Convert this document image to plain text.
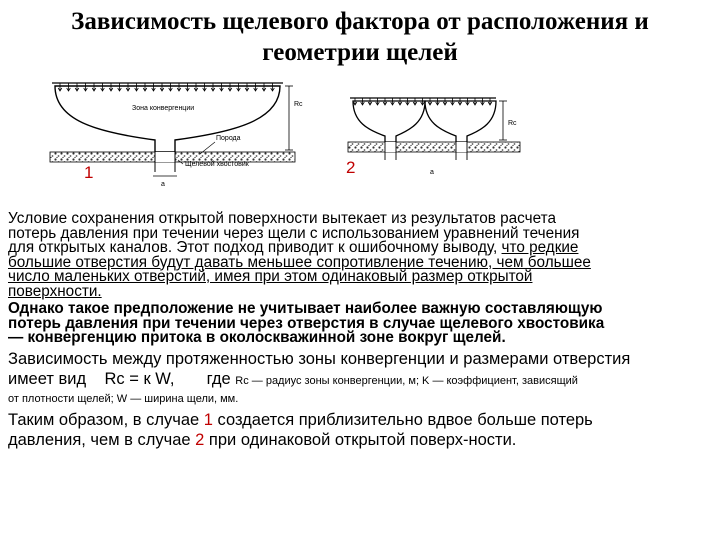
Зависимость щелевого фактора от расположения и
геометрии щелей
Зона конвергенции
Rc
Порода
Щелевой хвостовик
a
Rc
a
1	2
Условие сохранения открытой поверхности вытекает из результатов расчета
потерь давления при течении через щели с использованием уравнений течения
для открытых каналов. Этот подход приводит к ошибочному выводу, что редкие
большие отверстия будут давать меньшее сопротивление течению, чем большее
число маленьких отверстий, имея при этом одинаковый размер открытой
поверхности.
Однако такое предположение не учитывает наиболее важную составляющую
потерь давления при течении через отверстия в случае щелевого хвостовика
— конвергенцию притока в околоскважинной зоне вокруг щелей.
Зависимость между протяженностью зоны конвергенции и размерами отверстия
имеет вид    Rc = к W,       где Rc — радиус зоны конвергенции, м; K — коэффициент, зависящий
от плотности щелей; W — ширина щели, мм.
Таким образом, в случае 1 создается приблизительно вдвое больше потерь
давления, чем в случае 2 при одинаковой открытой поверх-ности.
